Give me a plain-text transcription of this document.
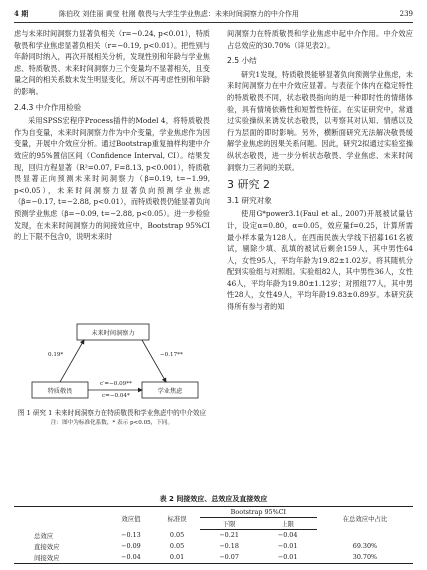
4 期	陈伯玫 刘佳丽 黄莹 杜刚 敬畏与大学生学业焦虑：未来时间洞察力的中介作用	239

虑与未来时间洞察力显著负相关（r=−0.24, p<0.01），特质敬畏和学业焦虑显著负相关（r=−0.19, p<0.01）。把性别与年龄同时纳入，再次开展相关分析，发现性别和年龄与学业焦虑、特质敬畏、未来时间洞察力三个变量均不显著相关，且变量之间的相关系数未发生明显变化，所以不再考虑性别和年龄的影响。

2.4.3 中介作用检验

采用SPSS宏程序Process插件的Model 4，将特质敬畏作为自变量，未来时间洞察力作为中介变量，学业焦虑作为因变量，开展中介效应分析。通过Bootstrap重复抽样构建中介效应的95%置信区间（Confidence Interval, CI）。结果发现，回归方程显著（R²=0.07, F=8.13, p<0.001），特质敬畏显著正向预测未来时间洞察力（β=0.19, t=−1.99, p<0.05），未来时间洞察力显著负向预测学业焦虑（β=−0.17, t=−2.88, p<0.01），而特质敬畏仍能显著负向预测学业焦虑（β=−0.09, t=−2.88, p<0.05）。进一步检验发现，在未来时间洞察力的间接效应中，Bootstrap 95%CI的上下限不包含0，说明未来时

未来时间洞察力
特质敬畏	学业焦虑
0.19*	−0.17**
c′=−0.09**
c=−0.04*
图 1 研究 1 未来时间洞察力在特质敬畏和学业焦虑中的中介效应
注：图中为标准化系数，* 表示 p<0.05，下同。

间洞察力在特质敬畏和学业焦虑中起中介作用。中介效应占总效应的30.70%（详见表2）。

2.5 小结

研究1发现，特质敬畏能够显著负向预测学业焦虑，未来时间洞察力在中介效应显著。与表征个体内在稳定特性的特质敬畏不同，状态敬畏指向的是一种即时性的情绪体验，具有情境依赖性和短暂性特征。在实证研究中，常通过实验操纵来诱发状态敬畏，以考察其对认知、情感以及行为层面的即时影响。另外，横断面研究无法解决敬畏缓解学业焦虑的因果关系问题。因此，研究2拟通过实验室操纵状态敬畏，进一步分析状态敬畏、学业焦虑、未来时间洞察力三者间的关联。

3 研究 2
3.1 研究对象

使用G*power3.1(Faul et al., 2007)开展被试量估计，设定α=0.80，α=0.05，效应量f=0.25，计算所需最小样本量为128人。在西南民族大学线下招募161名被试，剔除少填、乱填的被试后剩余159人，其中男性64人，女性95人，平均年龄为19.82±1.02岁。将其随机分配到实验组与对照组。实验组82人，其中男性36人，女性46人，平均年龄为19.80±1.12岁；对照组77人，其中男性28人，女性49人，平均年龄19.83±0.89岁。本研究获得所有参与者的知

表 2 间接效应、总效应及直接效应
	效应值	标准误	Bootstrap 95%CI		在总效应中占比
			下限	上限	
总效应	−0.13	0.05	−0.21	−0.04	
直接效应	−0.09	0.05	−0.18	−0.01	69.30%
间接效应	−0.04	0.01	−0.07	−0.01	30.70%
